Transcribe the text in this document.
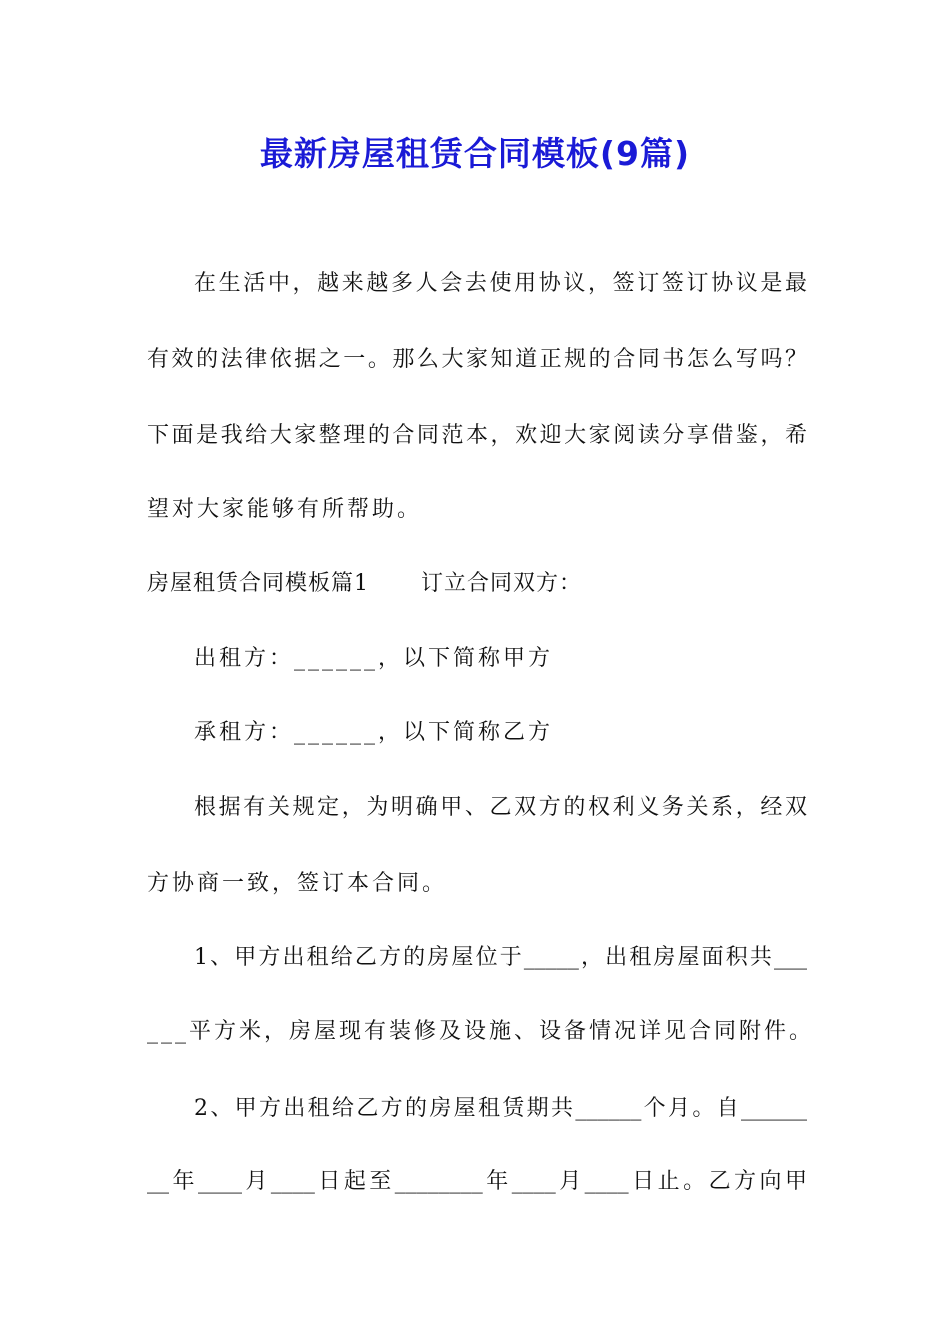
最新房屋租赁合同模板(9篇)
在生活中，越来越多人会去使用协议，签订签订协议是最
有效的法律依据之一。那么大家知道正规的合同书怎么写吗？
下面是我给大家整理的合同范本，欢迎大家阅读分享借鉴，希
望对大家能够有所帮助。
房屋租赁合同模板篇1 订立合同双方：
出租方：______，以下简称甲方
承租方：______，以下简称乙方
根据有关规定，为明确甲、乙双方的权利义务关系，经双
方协商一致，签订本合同。
1、甲方出租给乙方的房屋位于_____，出租房屋面积共___
___平方米，房屋现有装修及设施、设备情况详见合同附件。
2、甲方出租给乙方的房屋租赁期共______个月。自______
__年____月____日起至________年____月____日止。乙方向甲
